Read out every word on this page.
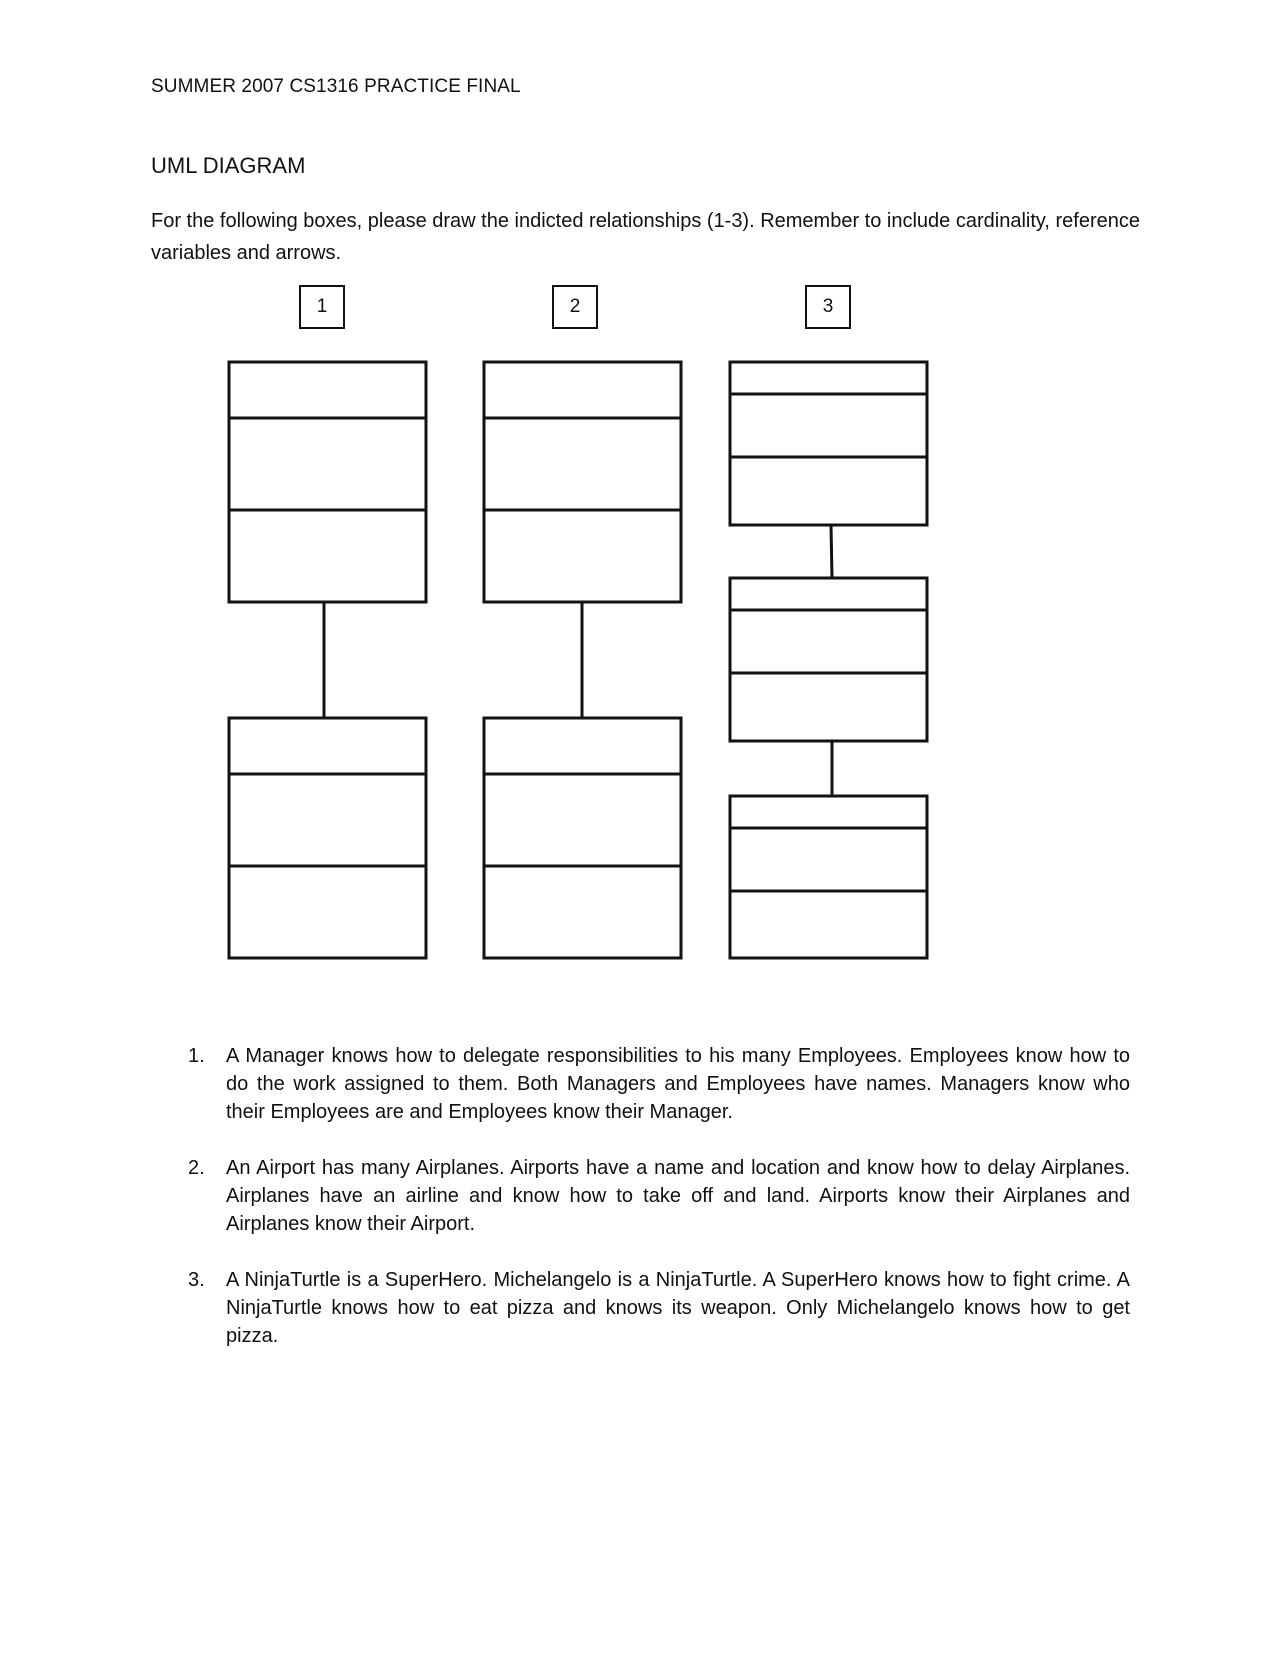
SUMMER 2007 CS1316 PRACTICE FINAL
UML DIAGRAM
For the following boxes, please draw the indicted relationships (1-3). Remember to include cardinality, reference variables and arrows.
1	2	3
1. A Manager knows how to delegate responsibilities to his many Employees. Employees know how to do the work assigned to them. Both Managers and Employees have names. Managers know who their Employees are and Employees know their Manager.
2. An Airport has many Airplanes. Airports have a name and location and know how to delay Airplanes. Airplanes have an airline and know how to take off and land. Airports know their Airplanes and Airplanes know their Airport.
3. A NinjaTurtle is a SuperHero. Michelangelo is a NinjaTurtle. A SuperHero knows how to fight crime. A NinjaTurtle knows how to eat pizza and knows its weapon. Only Michelangelo knows how to get pizza.
